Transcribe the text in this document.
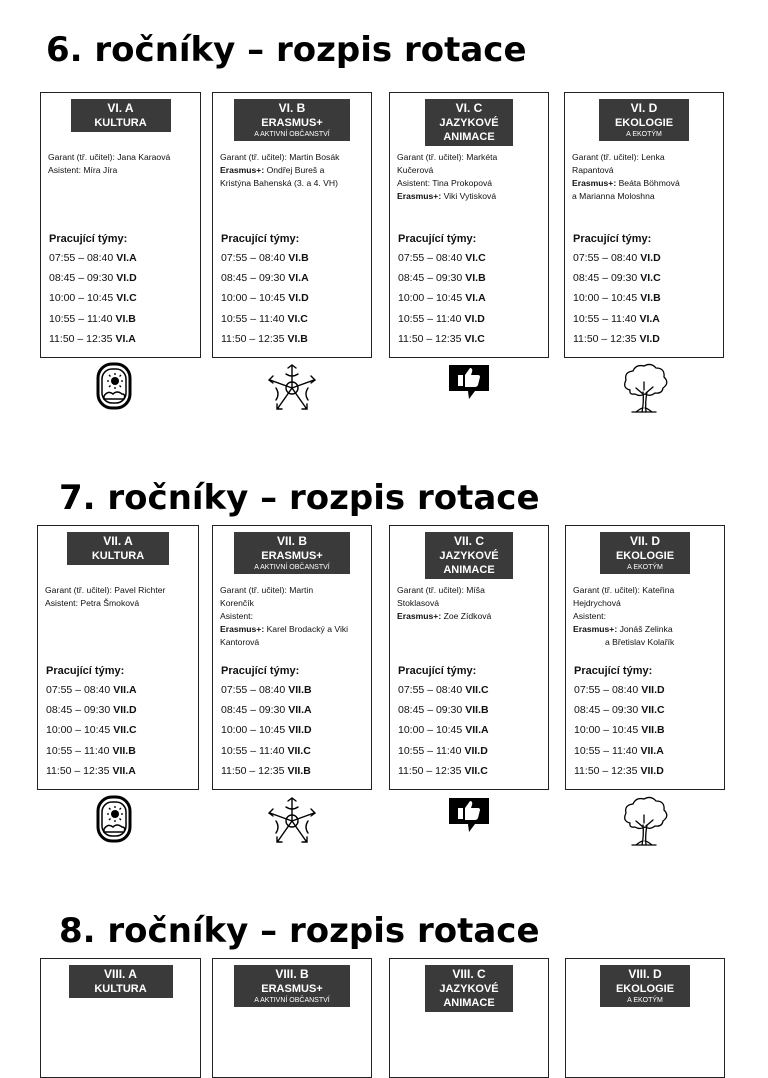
6. ročníky – rozpis rotace
VI. A
KULTURA
Garant (tř. učitel): Jana Karaová
Asistent: Míra Jíra
Pracující týmy:
07:55 – 08:40 VI.A
08:45 – 09:30 VI.D
10:00 – 10:45 VI.C
10:55 – 11:40 VI.B
11:50 – 12:35 VI.A
VI. B
ERASMUS+
A AKTIVNÍ OBČANSTVÍ
Garant (tř. učitel): Martin Bosák
Erasmus+: Ondřej Bureš a
Kristýna Bahenská (3. a 4. VH)
Pracující týmy:
07:55 – 08:40 VI.B
08:45 – 09:30 VI.A
10:00 – 10:45 VI.D
10:55 – 11:40 VI.C
11:50 – 12:35 VI.B
VI. C
JAZYKOVÉ
ANIMACE
Garant (tř. učitel): Markéta
Kučerová
Asistent: Tina Prokopová
Erasmus+: Viki Vytisková
Pracující týmy:
07:55 – 08:40 VI.C
08:45 – 09:30 VI.B
10:00 – 10:45 VI.A
10:55 – 11:40 VI.D
11:50 – 12:35 VI.C
VI. D
EKOLOGIE
A EKOTÝM
Garant (tř. učitel): Lenka
Rapantová
Erasmus+: Beáta Böhmová
a Marianna Moloshna
Pracující týmy:
07:55 – 08:40 VI.D
08:45 – 09:30 VI.C
10:00 – 10:45 VI.B
10:55 – 11:40 VI.A
11:50 – 12:35 VI.D
7. ročníky – rozpis rotace
VII. A
KULTURA
Garant (tř. učitel): Pavel Richter
Asistent: Petra Šmoková
Pracující týmy:
07:55 – 08:40 VII.A
08:45 – 09:30 VII.D
10:00 – 10:45 VII.C
10:55 – 11:40 VII.B
11:50 – 12:35 VII.A
VII. B
ERASMUS+
A AKTIVNÍ OBČANSTVÍ
Garant (tř. učitel): Martin
Korenčík
Asistent:
Erasmus+: Karel Brodacký a Viki
Kantorová
Pracující týmy:
07:55 – 08:40 VII.B
08:45 – 09:30 VII.A
10:00 – 10:45 VII.D
10:55 – 11:40 VII.C
11:50 – 12:35 VII.B
VII. C
JAZYKOVÉ
ANIMACE
Garant (tř. učitel): Míša
Stoklasová
Erasmus+: Zoe Zídková
Pracující týmy:
07:55 – 08:40 VII.C
08:45 – 09:30 VII.B
10:00 – 10:45 VII.A
10:55 – 11:40 VII.D
11:50 – 12:35 VII.C
VII. D
EKOLOGIE
A EKOTÝM
Garant (tř. učitel): Kateřina
Hejdrychová
Asistent:
Erasmus+: Jonáš Zelinka
a Břetislav Kolařík
Pracující týmy:
07:55 – 08:40 VII.D
08:45 – 09:30 VII.C
10:00 – 10:45 VII.B
10:55 – 11:40 VII.A
11:50 – 12:35 VII.D
8. ročníky – rozpis rotace
VIII. A
KULTURA
VIII. B
ERASMUS+
A AKTIVNÍ OBČANSTVÍ
VIII. C
JAZYKOVÉ
ANIMACE
VIII. D
EKOLOGIE
A EKOTÝM
